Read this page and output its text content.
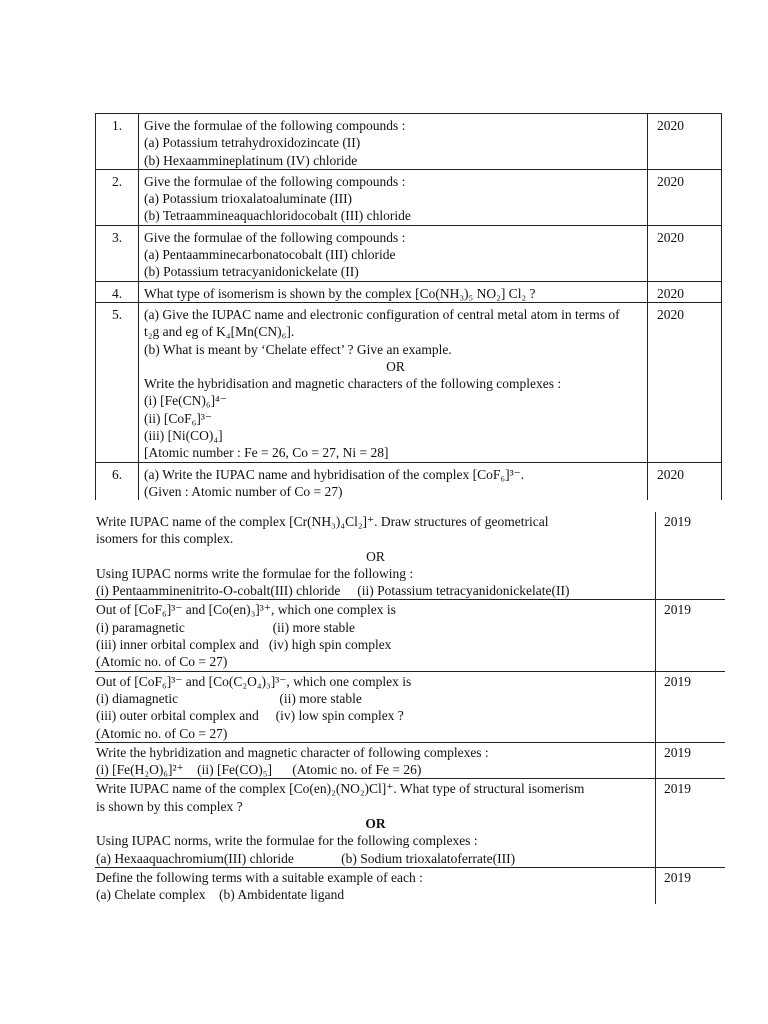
1.	Give the formulae of the following compounds :
(a) Potassium tetrahydroxidozincate (II)
(b) Hexaammineplatinum (IV) chloride
2020
2.	Give the formulae of the following compounds :
(a) Potassium trioxalatoaluminate (III)
(b) Tetraammineaquachloridocobalt (III) chloride
2020
3.	Give the formulae of the following compounds :
(a) Pentaamminecarbonatocobalt (III) chloride
(b) Potassium tetracyanidonickelate (II)
2020
4.	What type of isomerism is shown by the complex [Co(NH₃)₅ NO₂] Cl₂ ?	2020
5.	(a) Give the IUPAC name and electronic configuration of central metal atom in terms of
t₂g and eg of K₄[Mn(CN)₆].
(b) What is meant by ‘Chelate effect’ ? Give an example.
OR
Write the hybridisation and magnetic characters of the following complexes :
(i) [Fe(CN)₆]⁴⁻
(ii) [CoF₆]³⁻
(iii) [Ni(CO)₄]
[Atomic number : Fe = 26, Co = 27, Ni = 28]
2020
6.	(a) Write the IUPAC name and hybridisation of the complex [CoF₆]³⁻.
(Given : Atomic number of Co = 27)
2020
Write IUPAC name of the complex [Cr(NH₃)₄Cl₂]⁺. Draw structures of geometrical
isomers for this complex.
OR
Using IUPAC norms write the formulae for the following :
(i) Pentaamminenitrito-O-cobalt(III) chloride     (ii) Potassium tetracyanidonickelate(II)
2019
Out of [CoF₆]³⁻ and [Co(en)₃]³⁺, which one complex is
(i) paramagnetic                          (ii) more stable
(iii) inner orbital complex and   (iv) high spin complex
(Atomic no. of Co = 27)
2019
Out of [CoF₆]³⁻ and [Co(C₂O₄)₃]³⁻, which one complex is
(i) diamagnetic                              (ii) more stable
(iii) outer orbital complex and     (iv) low spin complex ?
(Atomic no. of Co = 27)
2019
Write the hybridization and magnetic character of following complexes :
(i) [Fe(H₂O)₆]²⁺    (ii) [Fe(CO)₅]      (Atomic no. of Fe = 26)
2019
Write IUPAC name of the complex [Co(en)₂(NO₂)Cl]⁺. What type of structural isomerism
is shown by this complex ?
OR
Using IUPAC norms, write the formulae for the following complexes :
(a) Hexaaquachromium(III) chloride              (b) Sodium trioxalatoferrate(III)
2019
Define the following terms with a suitable example of each :
(a) Chelate complex    (b) Ambidentate ligand
2019
